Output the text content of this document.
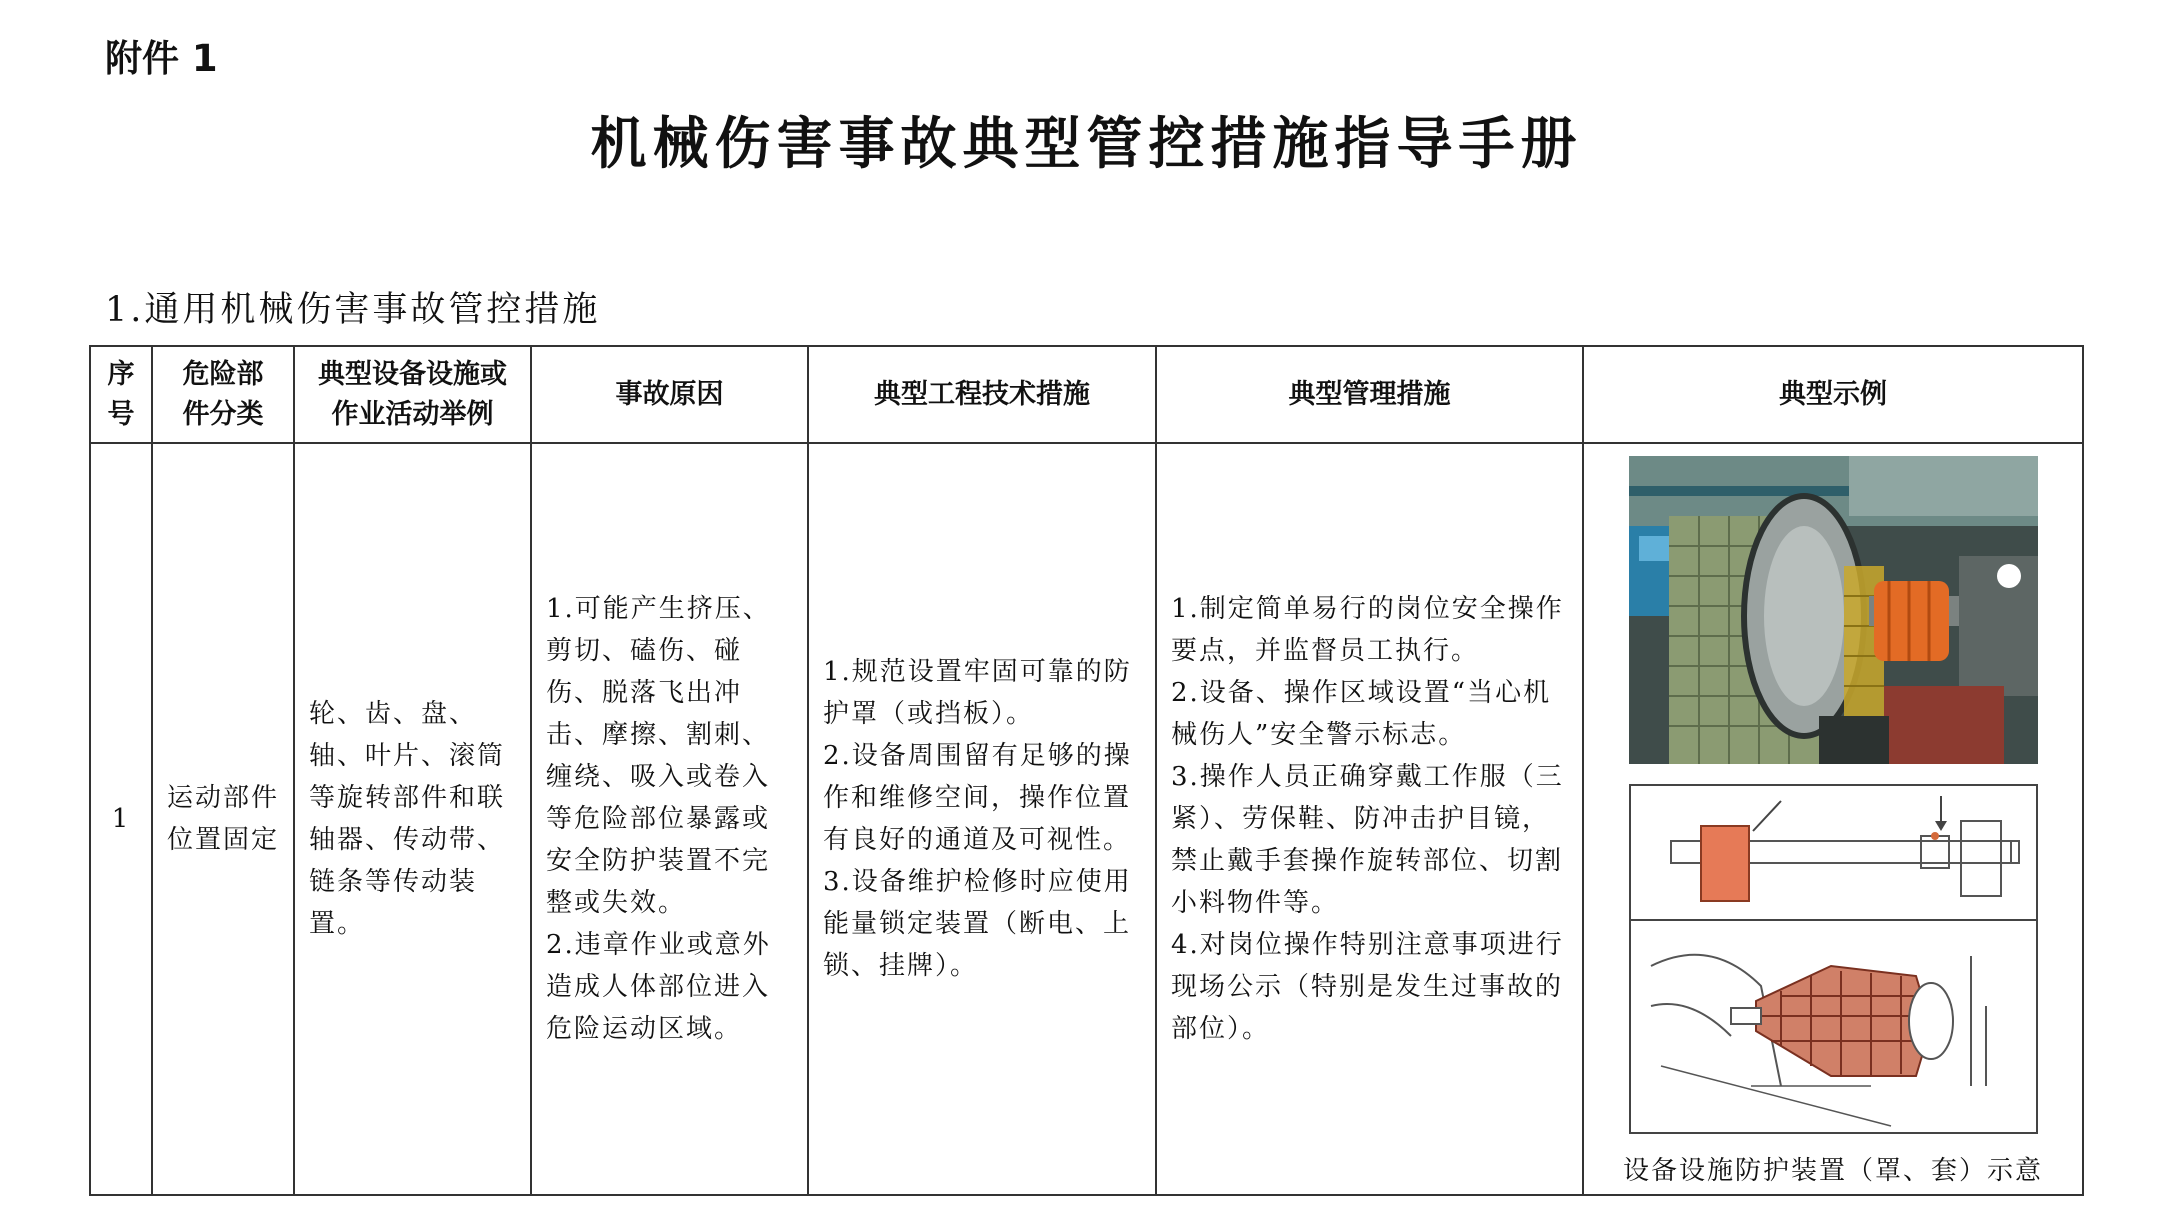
附件 1
机械伤害事故典型管控措施指导手册
1.通用机械伤害事故管控措施
序号	危险部件分类	典型设备设施或作业活动举例	事故原因	典型工程技术措施	典型管理措施	典型示例
1	运动部件位置固定	轮、齿、盘、轴、叶片、滚筒等旋转部件和联轴器、传动带、链条等传动装置。	1.可能产生挤压、剪切、磕伤、碰伤、脱落飞出冲击、摩擦、割刺、缠绕、吸入或卷入等危险部位暴露或安全防护装置不完整或失效。
2.违章作业或意外造成人体部位进入危险运动区域。	1.规范设置牢固可靠的防护罩（或挡板）。
2.设备周围留有足够的操作和维修空间，操作位置有良好的通道及可视性。
3.设备维护检修时应使用能量锁定装置（断电、上锁、挂牌）。	1.制定简单易行的岗位安全操作要点，并监督员工执行。
2.设备、操作区域设置“当心机械伤人”安全警示标志。
3.操作人员正确穿戴工作服（三紧）、劳保鞋、防冲击护目镜，禁止戴手套操作旋转部位、切割小料物件等。
4.对岗位操作特别注意事项进行现场公示（特别是发生过事故的部位）。	设备设施防护装置（罩、套）示意
